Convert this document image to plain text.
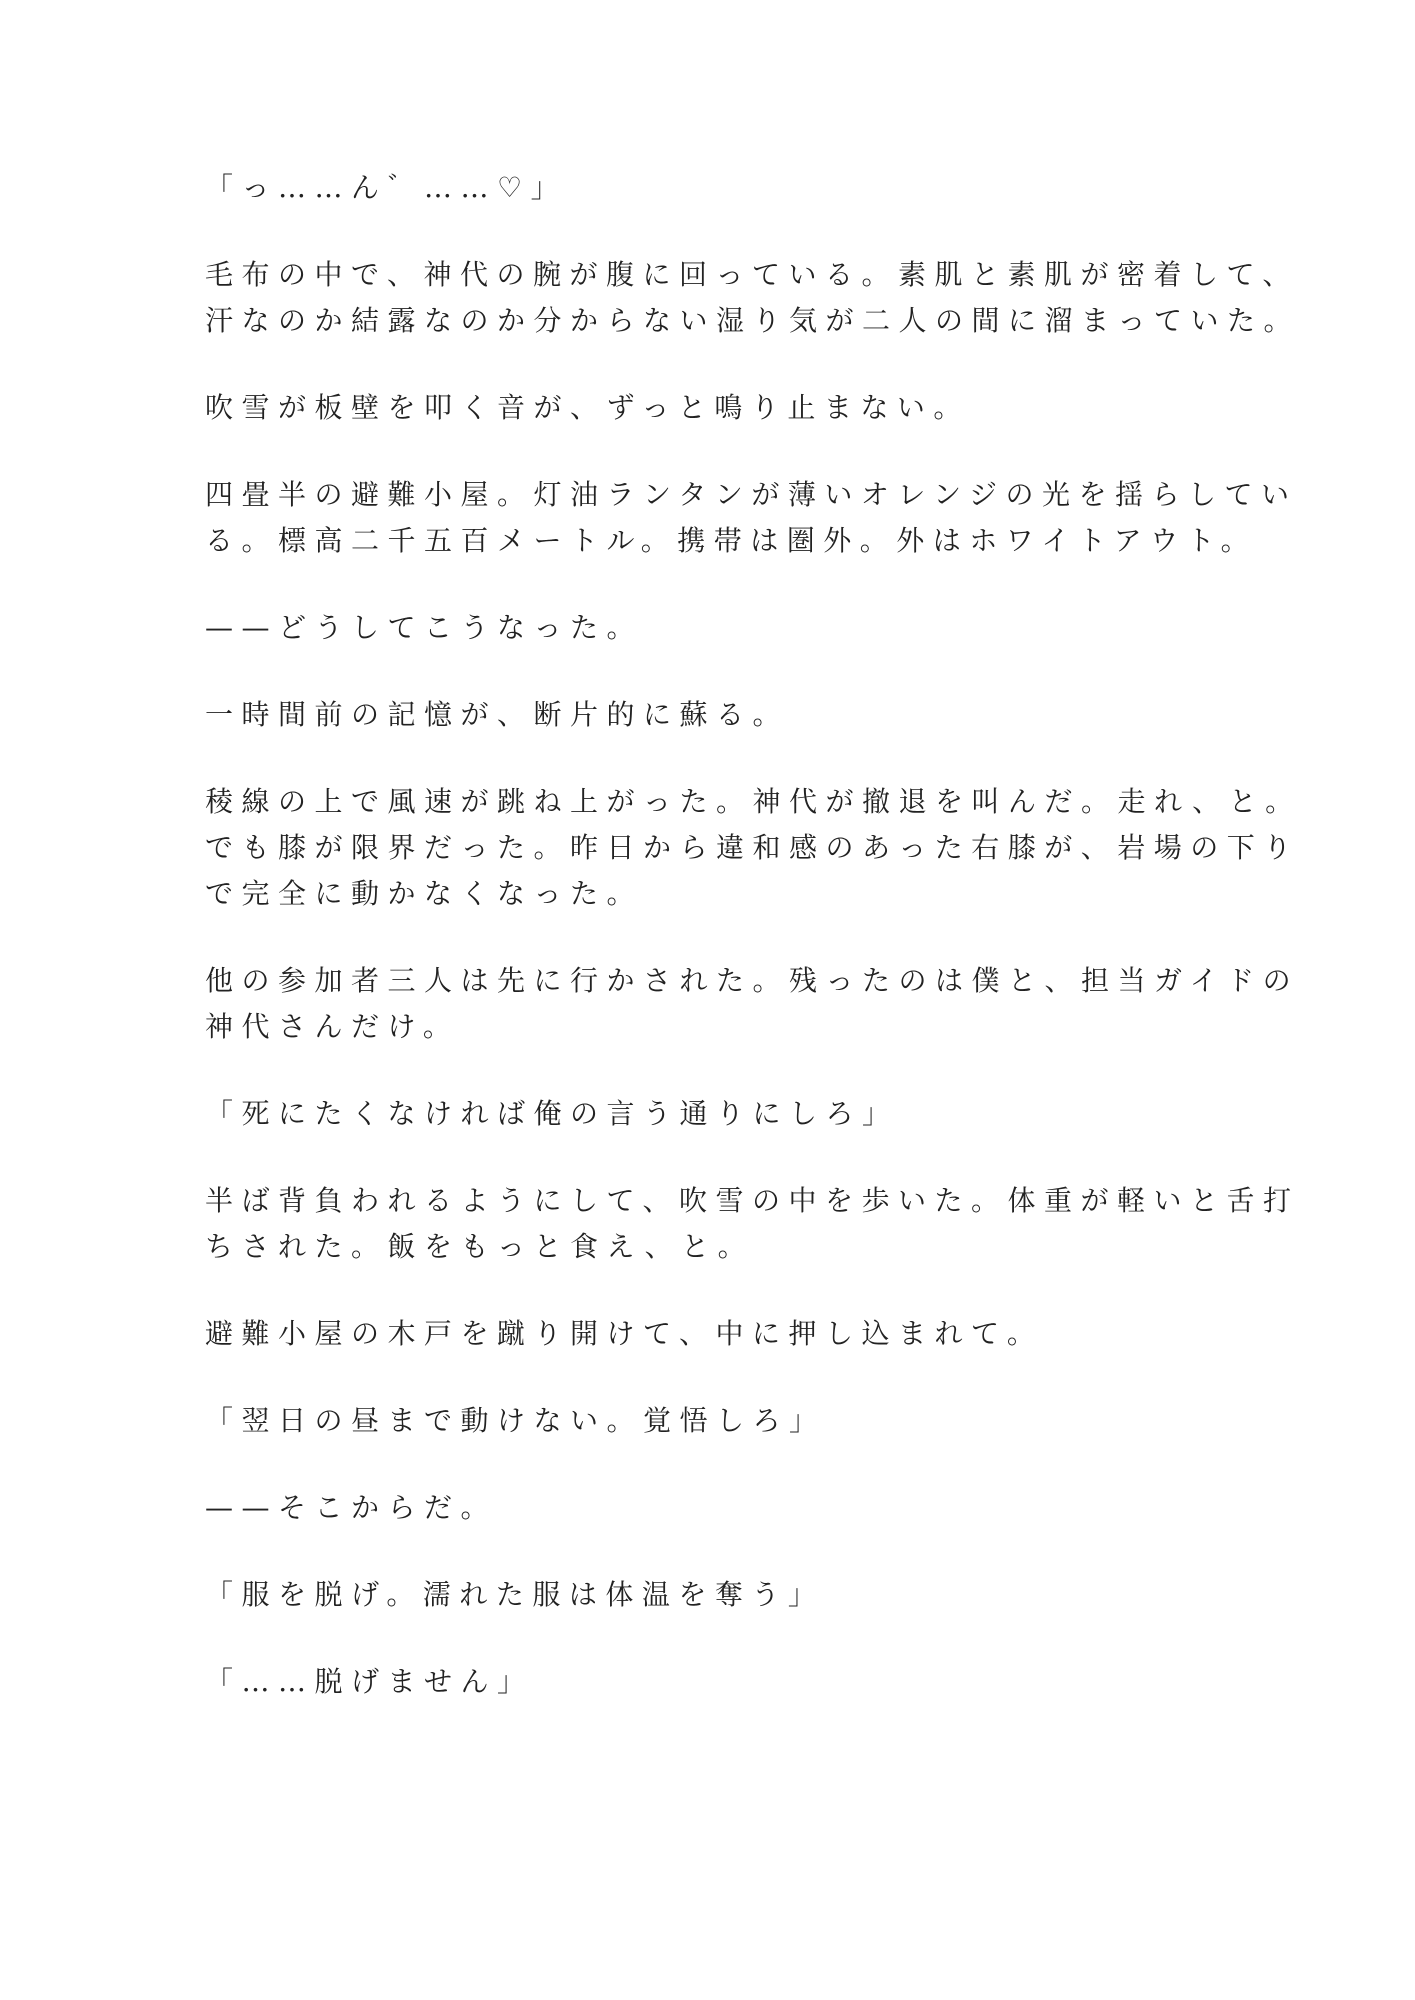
「っ……ん゛……♡」

毛布の中で、神代の腕が腹に回っている。素肌と素肌が密着して、
汗なのか結露なのか分からない湿り気が二人の間に溜まっていた。

吹雪が板壁を叩く音が、ずっと鳴り止まない。

四畳半の避難小屋。灯油ランタンが薄いオレンジの光を揺らしてい
る。標高二千五百メートル。携帯は圏外。外はホワイトアウト。

——どうしてこうなった。

一時間前の記憶が、断片的に蘇る。

稜線の上で風速が跳ね上がった。神代が撤退を叫んだ。走れ、と。
でも膝が限界だった。昨日から違和感のあった右膝が、岩場の下り
で完全に動かなくなった。

他の参加者三人は先に行かされた。残ったのは僕と、担当ガイドの
神代さんだけ。

「死にたくなければ俺の言う通りにしろ」

半ば背負われるようにして、吹雪の中を歩いた。体重が軽いと舌打
ちされた。飯をもっと食え、と。

避難小屋の木戸を蹴り開けて、中に押し込まれて。

「翌日の昼まで動けない。覚悟しろ」

——そこからだ。

「服を脱げ。濡れた服は体温を奪う」

「……脱げません」
